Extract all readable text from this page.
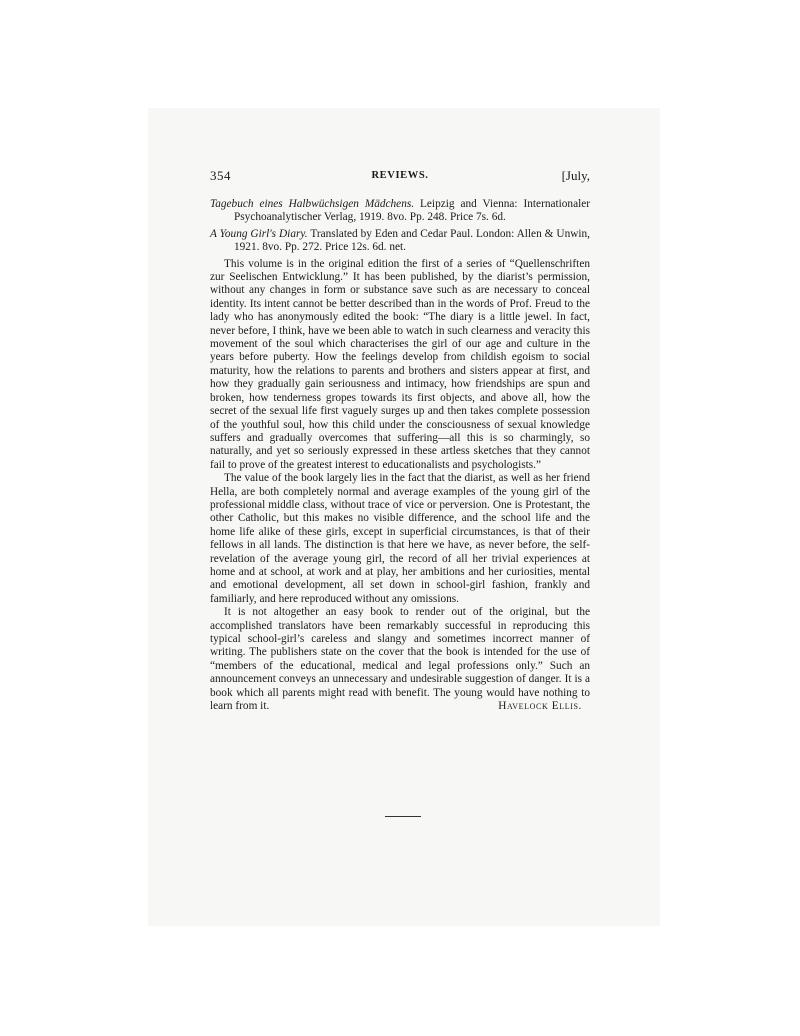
354	REVIEWS.	[July,

Tagebuch eines Halbwüchsigen Mädchens. Leipzig and Vienna: Internationaler Psychoanalytischer Verlag, 1919. 8vo. Pp. 248. Price 7s. 6d.

A Young Girl's Diary. Translated by Eden and Cedar Paul. London: Allen & Unwin, 1921. 8vo. Pp. 272. Price 12s. 6d. net.

This volume is in the original edition the first of a series of “Quellenschriften zur Seelischen Entwicklung.” It has been published, by the diarist’s permission, without any changes in form or substance save such as are necessary to conceal identity. Its intent cannot be better described than in the words of Prof. Freud to the lady who has anonymously edited the book: “The diary is a little jewel. In fact, never before, I think, have we been able to watch in such clearness and veracity this movement of the soul which characterises the girl of our age and culture in the years before puberty. How the feelings develop from childish egoism to social maturity, how the relations to parents and brothers and sisters appear at first, and how they gradually gain seriousness and intimacy, how friendships are spun and broken, how tenderness gropes towards its first objects, and above all, how the secret of the sexual life first vaguely surges up and then takes complete possession of the youthful soul, how this child under the consciousness of sexual knowledge suffers and gradually overcomes that suffering—all this is so charmingly, so naturally, and yet so seriously expressed in these artless sketches that they cannot fail to prove of the greatest interest to educationalists and psychologists.”

The value of the book largely lies in the fact that the diarist, as well as her friend Hella, are both completely normal and average examples of the young girl of the professional middle class, without trace of vice or perversion. One is Protestant, the other Catholic, but this makes no visible difference, and the school life and the home life alike of these girls, except in superficial circumstances, is that of their fellows in all lands. The distinction is that here we have, as never before, the self-revelation of the average young girl, the record of all her trivial experiences at home and at school, at work and at play, her ambitions and her curiosities, mental and emotional development, all set down in school-girl fashion, frankly and familiarly, and here reproduced without any omissions.

It is not altogether an easy book to render out of the original, but the accomplished translators have been remarkably successful in reproducing this typical school-girl’s careless and slangy and sometimes incorrect manner of writing. The publishers state on the cover that the book is intended for the use of “members of the educational, medical and legal professions only.” Such an announcement conveys an unnecessary and undesirable suggestion of danger. It is a book which all parents might read with benefit. The young would have nothing to learn from it.	Havelock Ellis.
